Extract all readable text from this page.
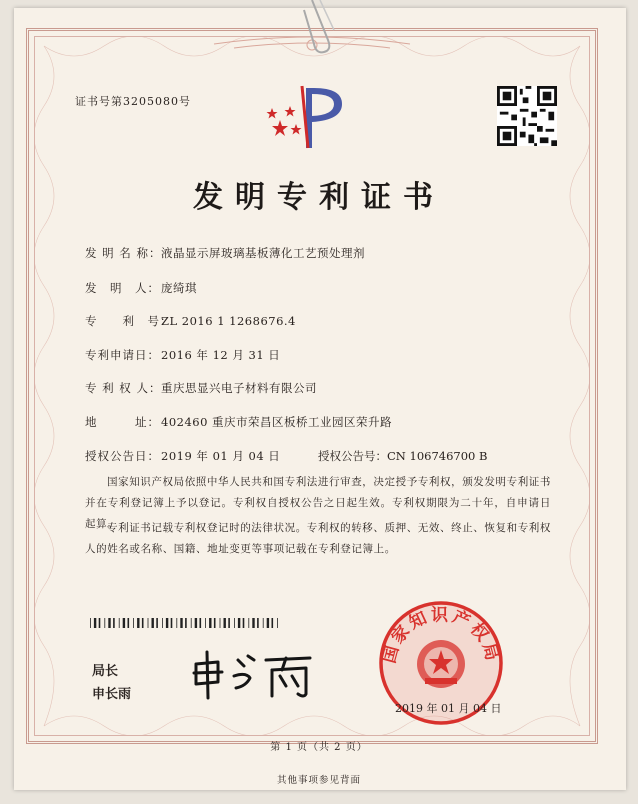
证书号第3205080号
发明专利证书
发 明 名 称：液晶显示屏玻璃基板薄化工艺预处理剂
发　明　人：庞绮琪
专　　利　号：ZL 2016 1 1268676.4
专利申请日：2016 年 12 月 31 日
专 利 权 人：重庆思显兴电子材料有限公司
地　　　址：402460 重庆市荣昌区板桥工业园区荣升路
授权公告日：2019 年 01 月 04 日	授权公告号：CN 106746700 B
国家知识产权局依照中华人民共和国专利法进行审查，决定授予专利权，颁发发明专利证书并在专利登记簿上予以登记。专利权自授权公告之日起生效。专利权期限为二十年，自申请日起算。
专利证书记载专利权登记时的法律状况。专利权的转移、质押、无效、终止、恢复和专利权人的姓名或名称、国籍、地址变更等事项记载在专利登记簿上。
局长
申长雨
国家知识产权局
2019 年 01 月 04 日
第 1 页（共 2 页）
其他事项参见背面
